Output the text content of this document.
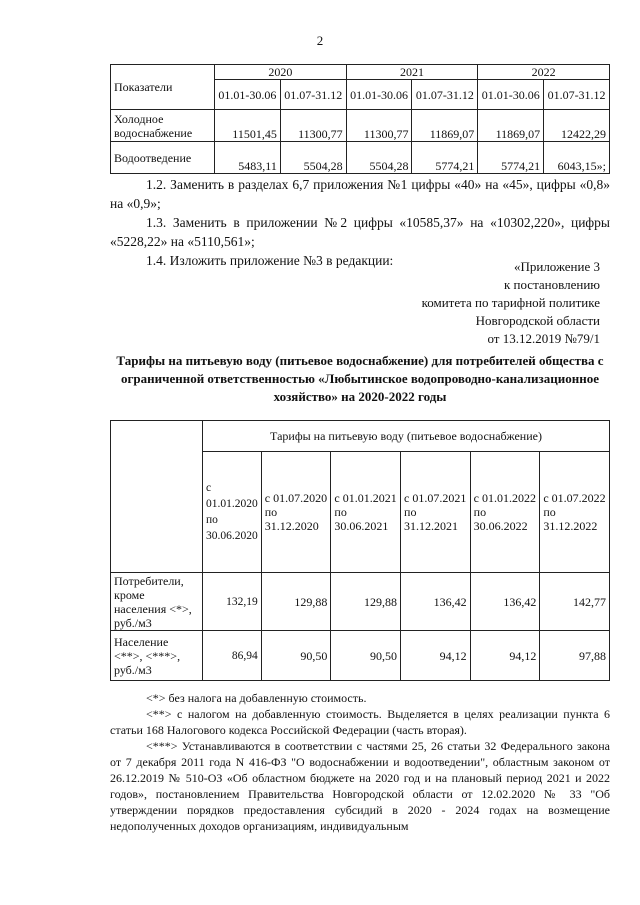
2
Показатели	2020		2021		2022	
	01.01-30.06	01.07-31.12	01.01-30.06	01.07-31.12	01.01-30.06	01.07-31.12
Холодное водоснабжение	11501,45	11300,77	11300,77	11869,07	11869,07	12422,29
Водоотведение	5483,11	5504,28	5504,28	5774,21	5774,21	6043,15»;
1.2. Заменить в разделах 6,7 приложения №1 цифры «40» на «45», цифры «0,8» на «0,9»;
1.3. Заменить в приложении №2 цифры «10585,37» на «10302,220», цифры «5228,22» на «5110,561»;
1.4. Изложить приложение №3 в редакции:	«Приложение 3
к постановлению
комитета по тарифной политике
Новгородской области
от 13.12.2019 №79/1
Тарифы на питьевую воду (питьевое водоснабжение) для потребителей общества с ограниченной ответственностью «Любытинское водопроводно-канализационное хозяйство» на 2020-2022 годы
	Тарифы на питьевую воду (питьевое водоснабжение)					
	с 01.01.2020 по 30.06.2020	с 01.07.2020 по 31.12.2020	с 01.01.2021 по 30.06.2021	с 01.07.2021 по 31.12.2021	с 01.01.2022 по 30.06.2022	с 01.07.2022 по 31.12.2022
Потребители, кроме населения <*>, руб./м3	132,19	129,88	129,88	136,42	136,42	142,77
Население <**>, <***>, руб./м3	86,94	90,50	90,50	94,12	94,12	97,88

<*> без налога на добавленную стоимость.

<**> с налогом на добавленную стоимость. Выделяется в целях реализации пункта 6 статьи 168 Налогового кодекса Российской Федерации (часть вторая).

<***> Устанавливаются в соответствии с частями 25, 26 статьи 32 Федерального закона от 7 декабря 2011 года N 416-ФЗ "О водоснабжении и водоотведении", областным законом от 26.12.2019 № 510-ОЗ «Об областном бюджете на 2020 год и на плановый период 2021 и 2022 годов», постановлением Правительства Новгородской области от 12.02.2020 № 33 "Об утверждении порядков предоставления субсидий в 2020 - 2024 годах на возмещение недополученных доходов организациям, индивидуальным
